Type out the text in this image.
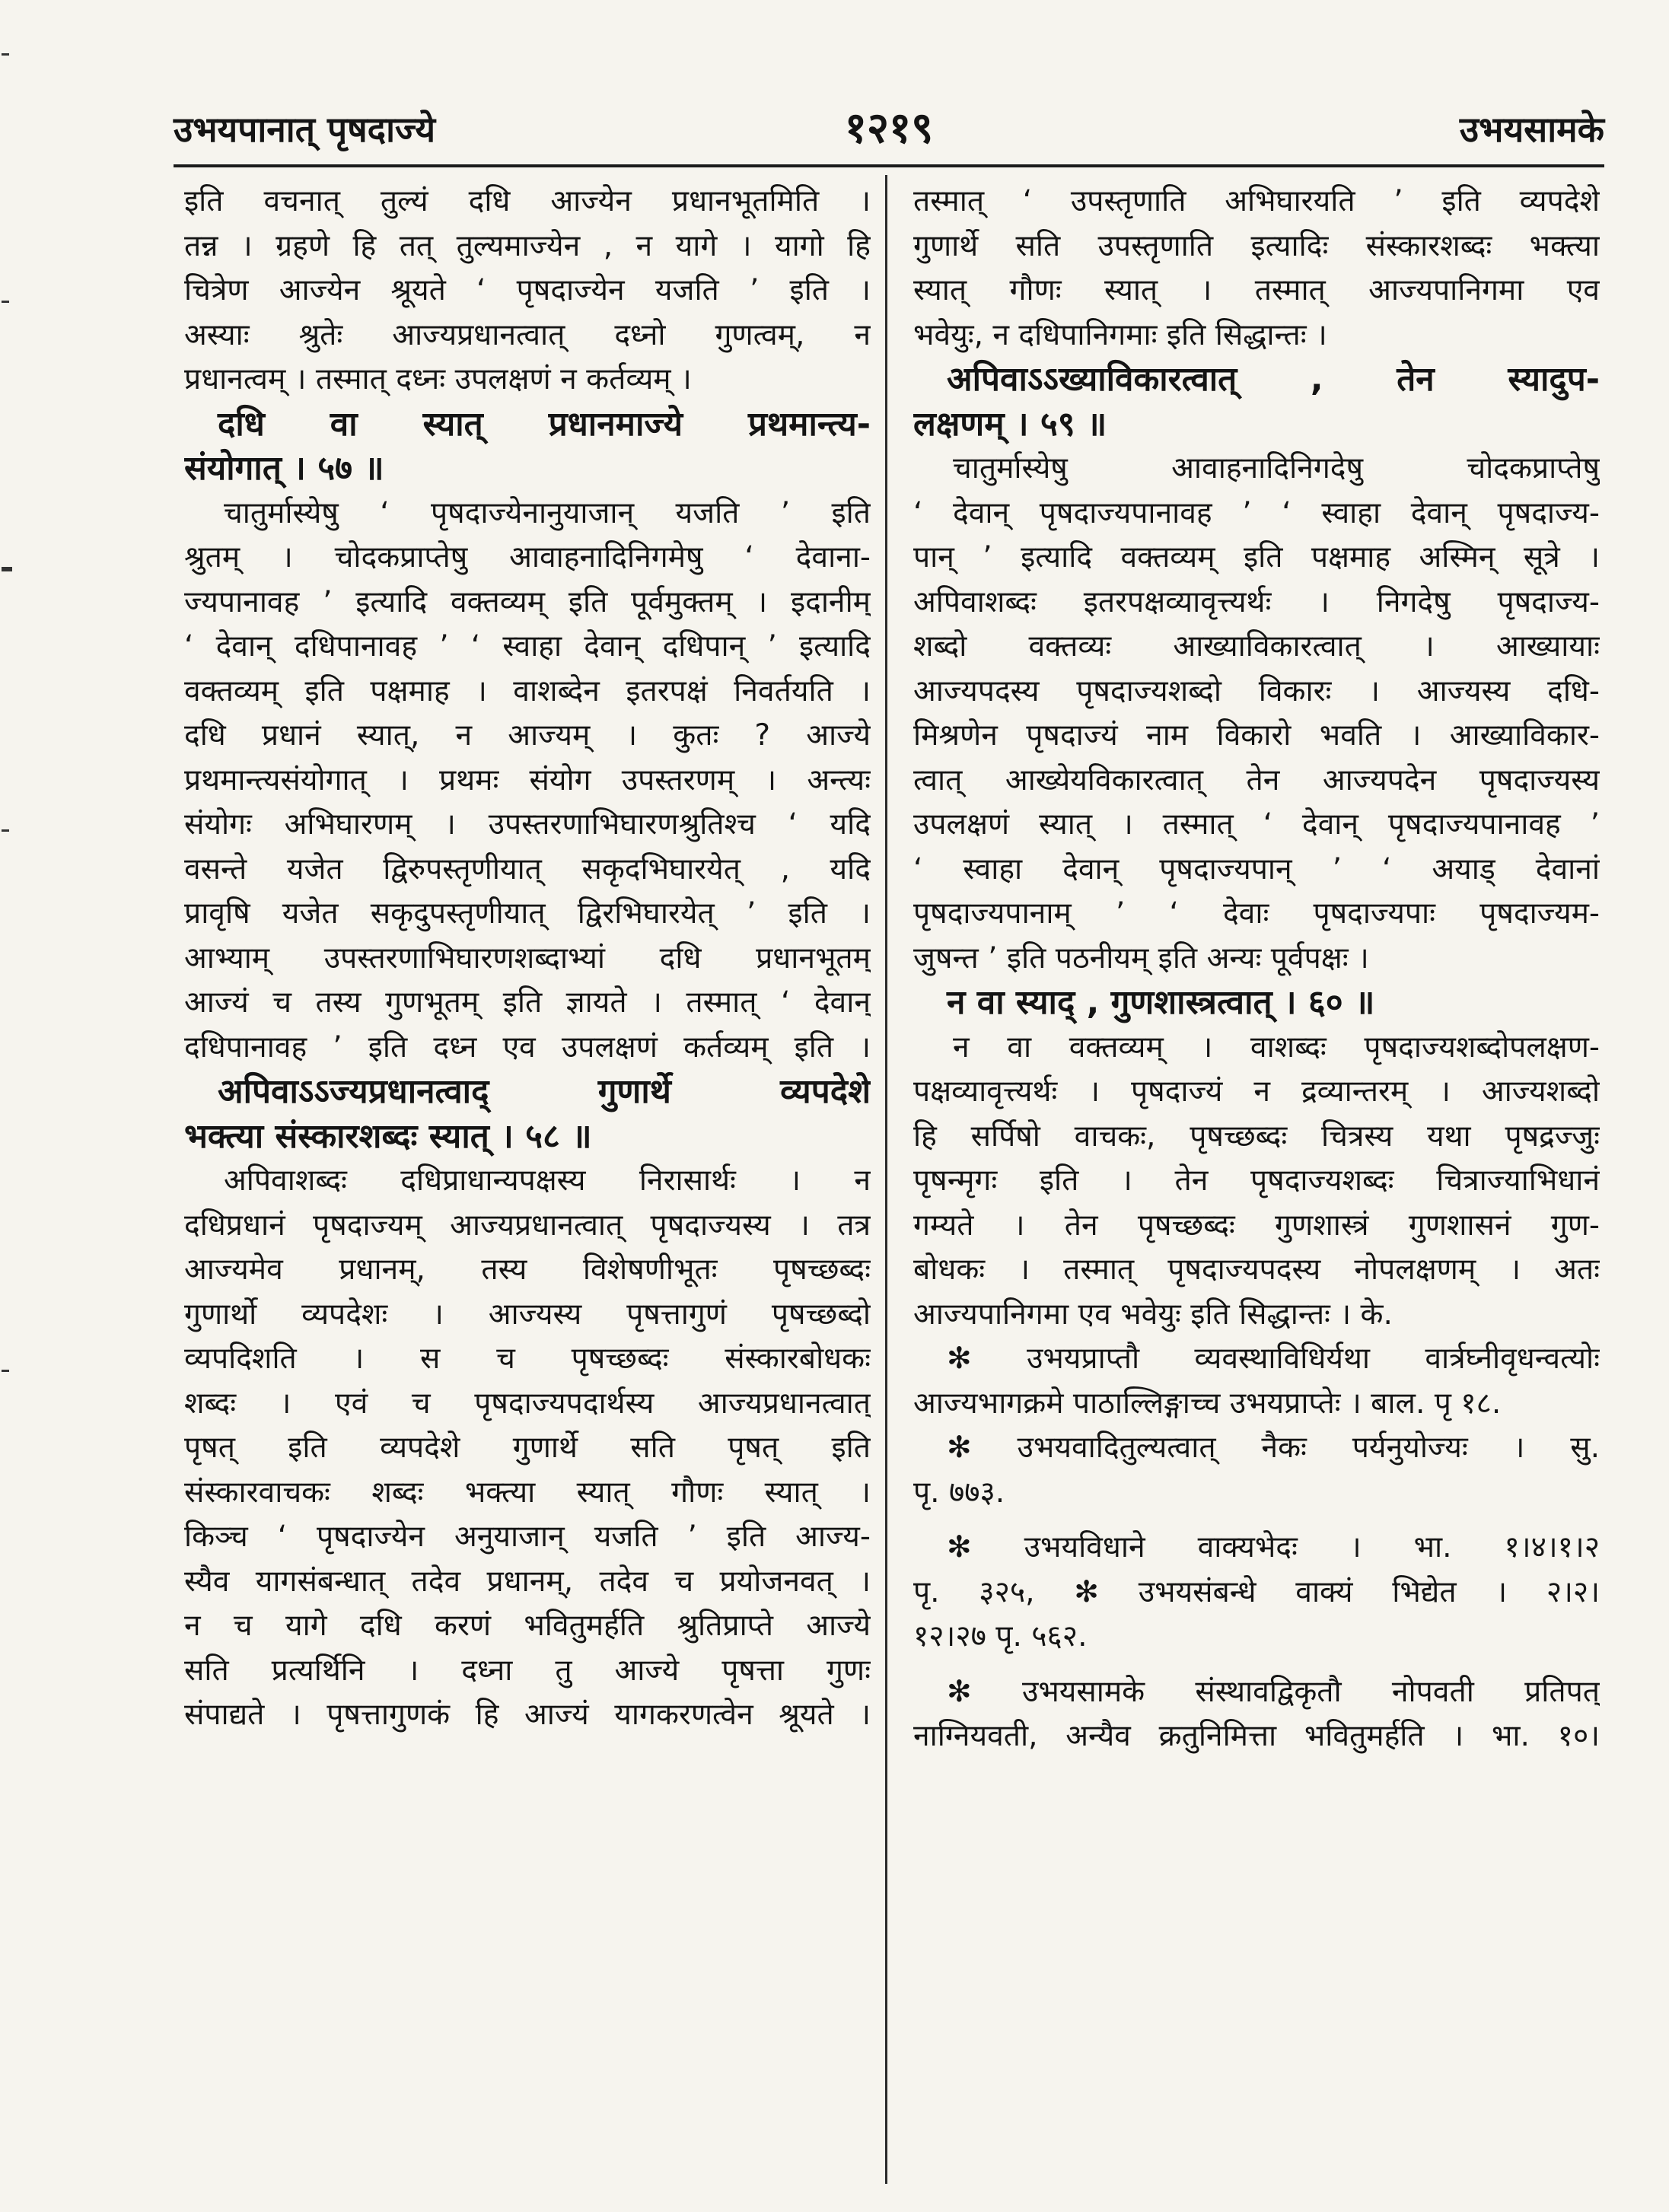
उभयपानात् पृषदाज्ये	१२१९	उभयसामके
इति वचनात् तुल्यं दधि आज्येन प्रधानभूतमिति ।
तन्न । ग्रहणे हि तत् तुल्यमाज्येन , न यागे । यागो हि
चित्रेण आज्येन श्रूयते ‘ पृषदाज्येन यजति ’ इति ।
अस्याः श्रुतेः आज्यप्रधानत्वात् दध्नो गुणत्वम्, न
प्रधानत्वम् । तस्मात् दध्नः उपलक्षणं न कर्तव्यम् ।
दधि वा स्यात् प्रधानमाज्ये प्रथमान्त्य-
संयोगात् । ५७ ॥
चातुर्मास्येषु ‘ पृषदाज्येनानुयाजान् यजति ’ इति
श्रुतम् । चोदकप्राप्तेषु आवाहनादिनिगमेषु ‘ देवाना-
ज्यपानावह ’ इत्यादि वक्तव्यम् इति पूर्वमुक्तम् । इदानीम्
‘ देवान् दधिपानावह ’ ‘ स्वाहा देवान् दधिपान् ’ इत्यादि
वक्तव्यम् इति पक्षमाह । वाशब्देन इतरपक्षं निवर्तयति ।
दधि प्रधानं स्यात्, न आज्यम् । कुतः ? आज्ये
प्रथमान्त्यसंयोगात् । प्रथमः संयोग उपस्तरणम् । अन्त्यः
संयोगः अभिघारणम् । उपस्तरणाभिघारणश्रुतिश्च ‘ यदि
वसन्ते यजेत द्विरुपस्तृणीयात् सकृदभिघारयेत् , यदि
प्रावृषि यजेत सकृदुपस्तृणीयात् द्विरभिघारयेत् ’ इति ।
आभ्याम् उपस्तरणाभिघारणशब्दाभ्यां दधि प्रधानभूतम्
आज्यं च तस्य गुणभूतम् इति ज्ञायते । तस्मात् ‘ देवान्
दधिपानावह ’ इति दध्न एव उपलक्षणं कर्तव्यम् इति ।
अपिवाऽऽज्यप्रधानत्वाद् गुणार्थे व्यपदेशे
भक्त्या संस्कारशब्दः स्यात् । ५८ ॥
अपिवाशब्दः दधिप्राधान्यपक्षस्य निरासार्थः । न
दधिप्रधानं पृषदाज्यम् आज्यप्रधानत्वात् पृषदाज्यस्य । तत्र
आज्यमेव प्रधानम्, तस्य विशेषणीभूतः पृषच्छब्दः
गुणार्थो व्यपदेशः । आज्यस्य पृषत्तागुणं पृषच्छब्दो
व्यपदिशति । स च पृषच्छब्दः संस्कारबोधकः
शब्दः । एवं च पृषदाज्यपदार्थस्य आज्यप्रधानत्वात्
पृषत् इति व्यपदेशे गुणार्थे सति पृषत् इति
संस्कारवाचकः शब्दः भक्त्या स्यात् गौणः स्यात् ।
किञ्च ‘ पृषदाज्येन अनुयाजान् यजति ’ इति आज्य-
स्यैव यागसंबन्धात् तदेव प्रधानम्, तदेव च प्रयोजनवत् ।
न च यागे दधि करणं भवितुमर्हति श्रुतिप्राप्ते आज्ये
सति प्रत्यर्थिनि । दध्ना तु आज्ये पृषत्ता गुणः
संपाद्यते । पृषत्तागुणकं हि आज्यं यागकरणत्वेन श्रूयते ।
तस्मात् ‘ उपस्तृणाति अभिघारयति ’ इति व्यपदेशे
गुणार्थे सति उपस्तृणाति इत्यादिः संस्कारशब्दः भक्त्या
स्यात् गौणः स्यात् । तस्मात् आज्यपानिगमा एव
भवेयुः, न दधिपानिगमाः इति सिद्धान्तः ।
अपिवाऽऽख्याविकारत्वात् , तेन स्यादुप-
लक्षणम् । ५९ ॥
चातुर्मास्येषु आवाहनादिनिगदेषु चोदकप्राप्तेषु
‘ देवान् पृषदाज्यपानावह ’ ‘ स्वाहा देवान् पृषदाज्य-
पान् ’ इत्यादि वक्तव्यम् इति पक्षमाह अस्मिन् सूत्रे ।
अपिवाशब्दः इतरपक्षव्यावृत्त्यर्थः । निगदेषु पृषदाज्य-
शब्दो वक्तव्यः आख्याविकारत्वात् । आख्यायाः
आज्यपदस्य पृषदाज्यशब्दो विकारः । आज्यस्य दधि-
मिश्रणेन पृषदाज्यं नाम विकारो भवति । आख्याविकार-
त्वात् आख्येयविकारत्वात् तेन आज्यपदेन पृषदाज्यस्य
उपलक्षणं स्यात् । तस्मात् ‘ देवान् पृषदाज्यपानावह ’
‘ स्वाहा देवान् पृषदाज्यपान् ’ ‘ अयाड् देवानां
पृषदाज्यपानाम् ’ ‘ देवाः पृषदाज्यपाः पृषदाज्यम-
जुषन्त ’ इति पठनीयम् इति अन्यः पूर्वपक्षः ।
न वा स्याद् , गुणशास्त्रत्वात् । ६० ॥
न वा वक्तव्यम् । वाशब्दः पृषदाज्यशब्दोपलक्षण-
पक्षव्यावृत्त्यर्थः । पृषदाज्यं न द्रव्यान्तरम् । आज्यशब्दो
हि सर्पिषो वाचकः, पृषच्छब्दः चित्रस्य यथा पृषद्रज्जुः
पृषन्मृगः इति । तेन पृषदाज्यशब्दः चित्राज्याभिधानं
गम्यते । तेन पृषच्छब्दः गुणशास्त्रं गुणशासनं गुण-
बोधकः । तस्मात् पृषदाज्यपदस्य नोपलक्षणम् । अतः
आज्यपानिगमा एव भवेयुः इति सिद्धान्तः । के.
✻ उभयप्राप्तौ व्यवस्थाविधिर्यथा वार्त्रघ्नीवृधन्वत्योः
आज्यभागक्रमे पाठाल्लिङ्गाच्च उभयप्राप्तेः । बाल. पृ १८.
✻ उभयवादितुल्यत्वात् नैकः पर्यनुयोज्यः । सु.
पृ. ७७३.
✻ उभयविधाने वाक्यभेदः । भा. १।४।१।२
पृ. ३२५, ✻ उभयसंबन्धे वाक्यं भिद्येत । २।२।
१२।२७ पृ. ५६२.
✻ उभयसामके संस्थावद्विकृतौ नोपवती प्रतिपत्
नाग्नियवती, अन्यैव क्रतुनिमित्ता भवितुमर्हति । भा. १०।
